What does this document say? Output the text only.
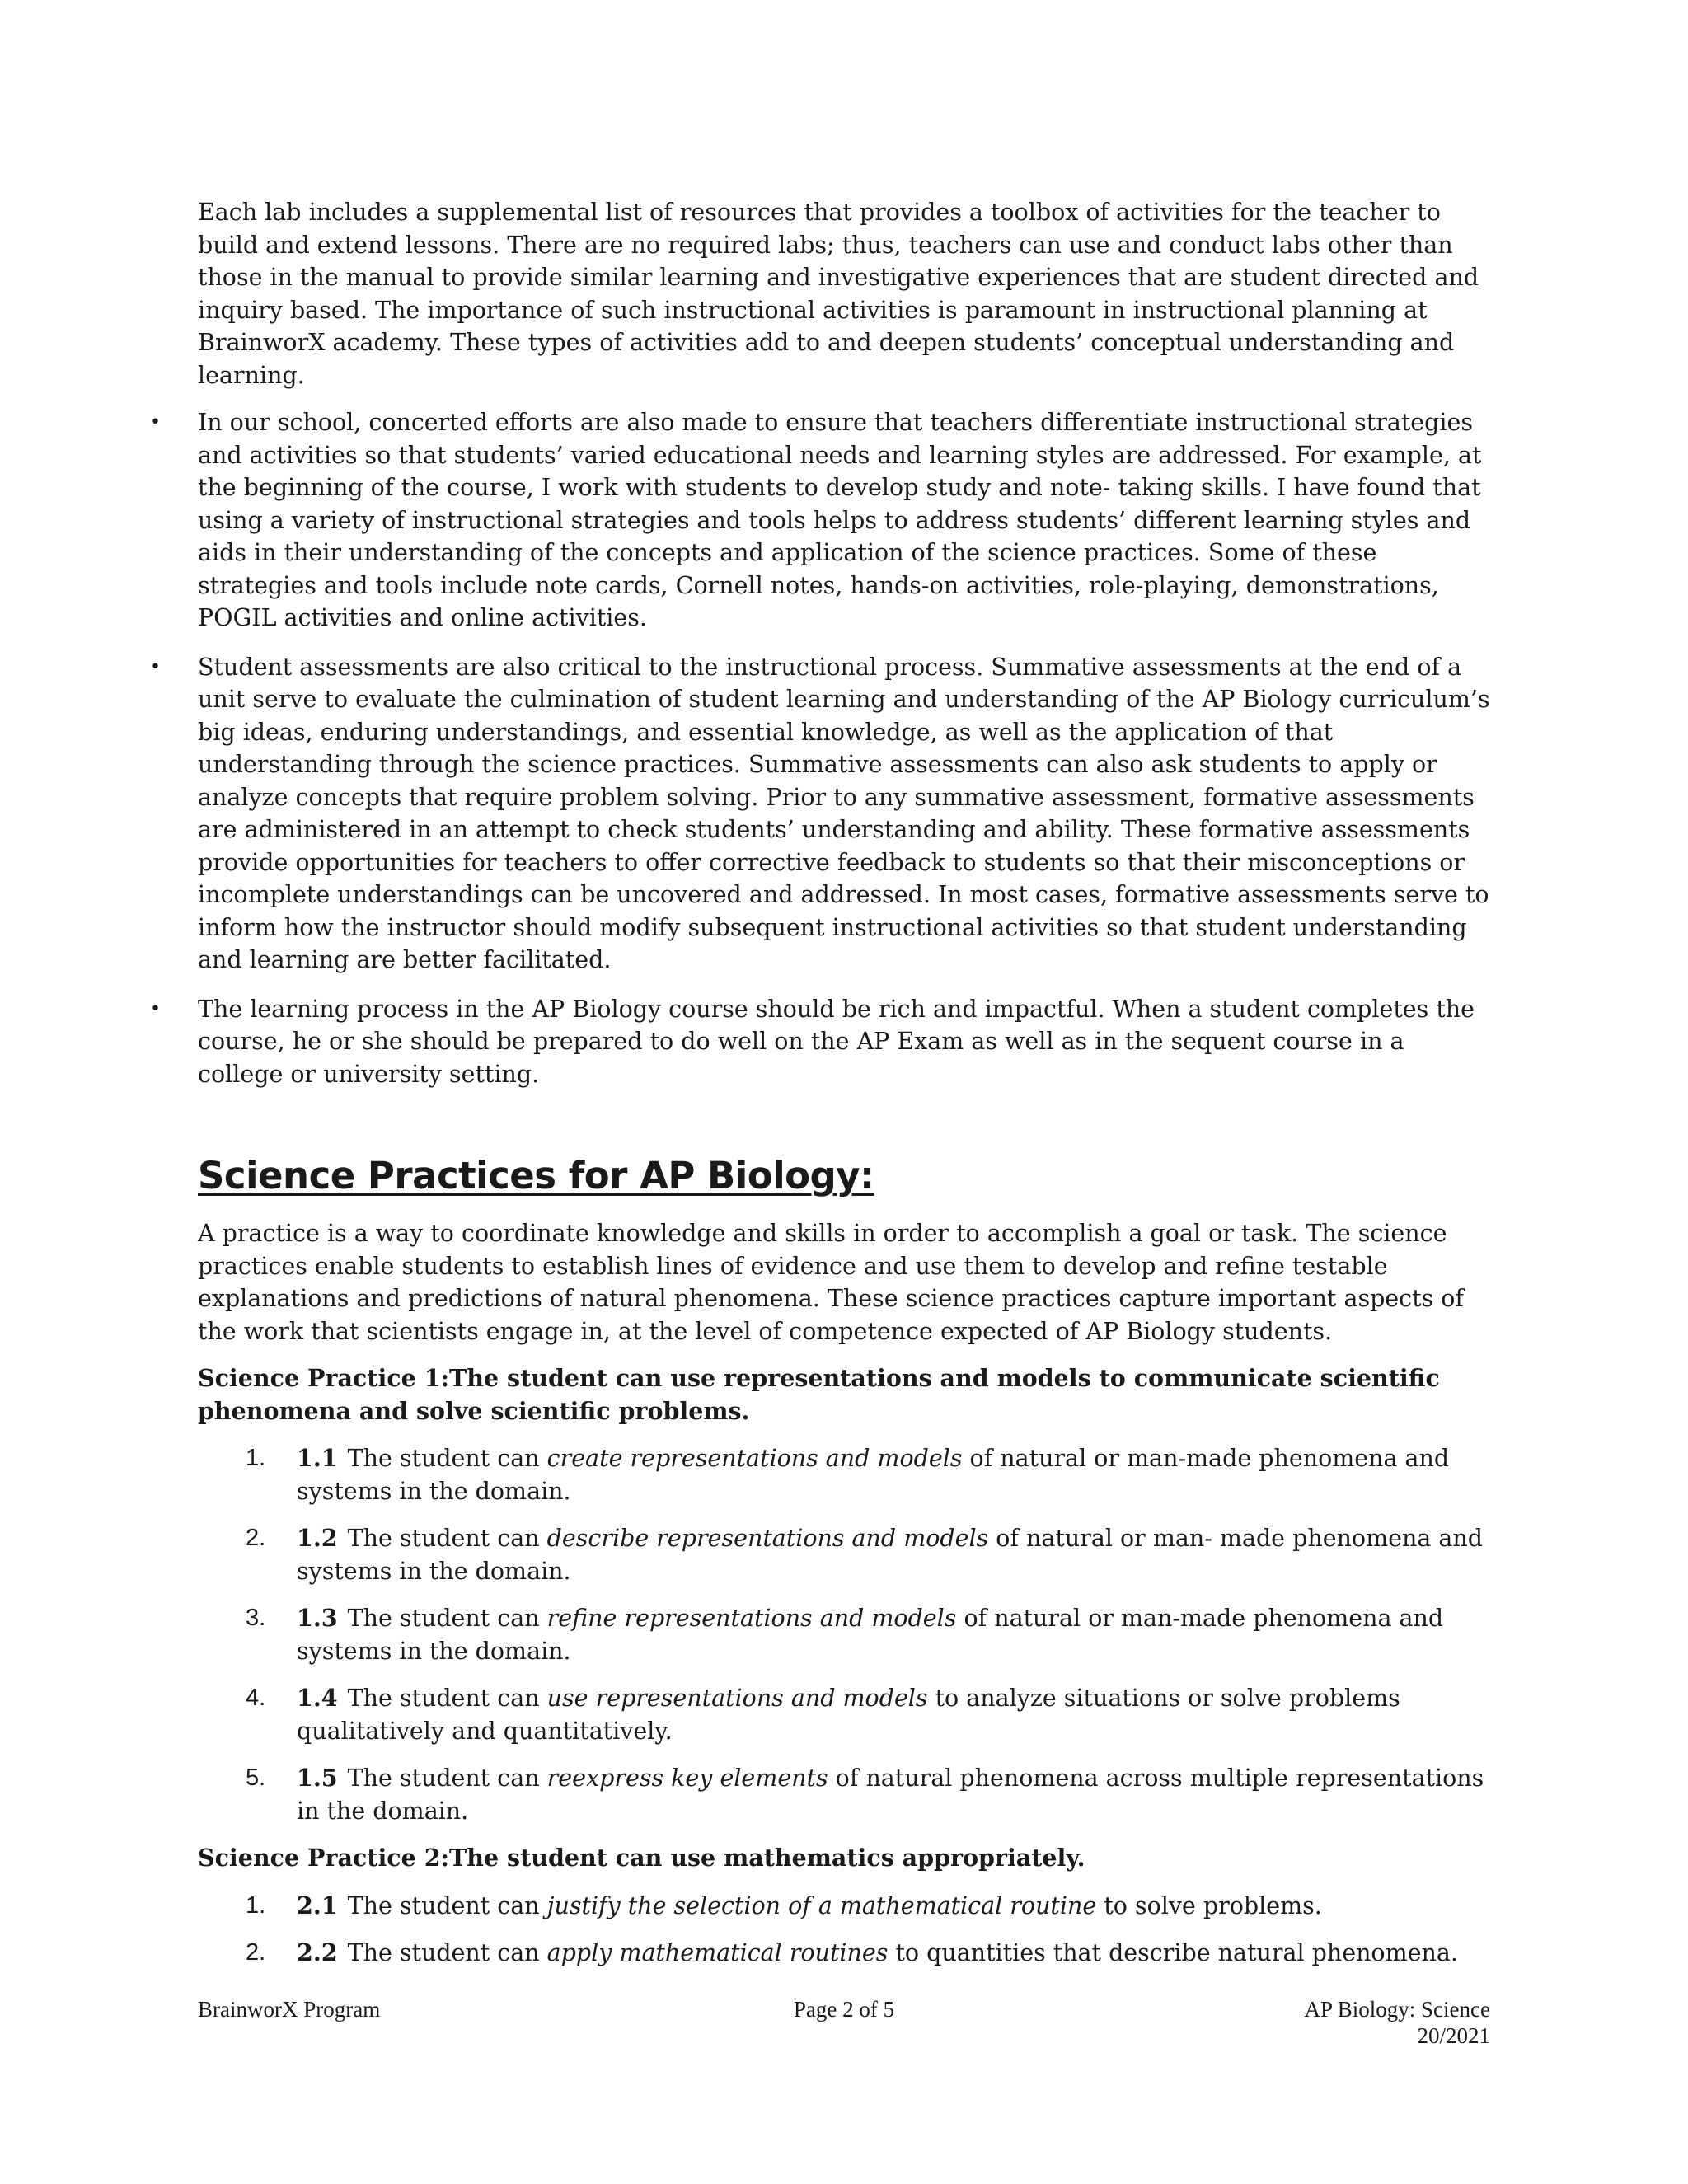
Each lab includes a supplemental list of resources that provides a toolbox of activities for the teacher to build and extend lessons. There are no required labs; thus, teachers can use and conduct labs other than those in the manual to provide similar learning and investigative experiences that are student directed and inquiry based. The importance of such instructional activities is paramount in instructional planning at BrainworX academy. These types of activities add to and deepen students’ conceptual understanding and learning.

• In our school, concerted efforts are also made to ensure that teachers differentiate instructional strategies and activities so that students’ varied educational needs and learning styles are addressed. For example, at the beginning of the course, I work with students to develop study and note- taking skills. I have found that using a variety of instructional strategies and tools helps to address students’ different learning styles and aids in their understanding of the concepts and application of the science practices. Some of these strategies and tools include note cards, Cornell notes, hands-on activities, role-playing, demonstrations, POGIL activities and online activities.
• Student assessments are also critical to the instructional process. Summative assessments at the end of a unit serve to evaluate the culmination of student learning and understanding of the AP Biology curriculum’s big ideas, enduring understandings, and essential knowledge, as well as the application of that understanding through the science practices. Summative assessments can also ask students to apply or analyze concepts that require problem solving. Prior to any summative assessment, formative assessments are administered in an attempt to check students’ understanding and ability. These formative assessments provide opportunities for teachers to offer corrective feedback to students so that their misconceptions or incomplete understandings can be uncovered and addressed. In most cases, formative assessments serve to inform how the instructor should modify subsequent instructional activities so that student understanding and learning are better facilitated.
• The learning process in the AP Biology course should be rich and impactful. When a student completes the course, he or she should be prepared to do well on the AP Exam as well as in the sequent course in a college or university setting.
Science Practices for AP Biology:

A practice is a way to coordinate knowledge and skills in order to accomplish a goal or task. The science practices enable students to establish lines of evidence and use them to develop and refine testable explanations and predictions of natural phenomena. These science practices capture important aspects of the work that scientists engage in, at the level of competence expected of AP Biology students.

Science Practice 1:The student can use representations and models to communicate scientific phenomena and solve scientific problems.

1. 1.1 The student can create representations and models of natural or man-made phenomena and systems in the domain.
2. 1.2 The student can describe representations and models of natural or man- made phenomena and systems in the domain.
3. 1.3 The student can refine representations and models of natural or man-made phenomena and systems in the domain.
4. 1.4 The student can use representations and models to analyze situations or solve problems qualitatively and quantitatively.
5. 1.5 The student can reexpress key elements of natural phenomena across multiple representations in the domain.

Science Practice 2:The student can use mathematics appropriately.

1. 2.1 The student can justify the selection of a mathematical routine to solve problems.
2. 2.2 The student can apply mathematical routines to quantities that describe natural phenomena.
BrainworX Program	Page 2 of 5	AP Biology: Science
20/2021
